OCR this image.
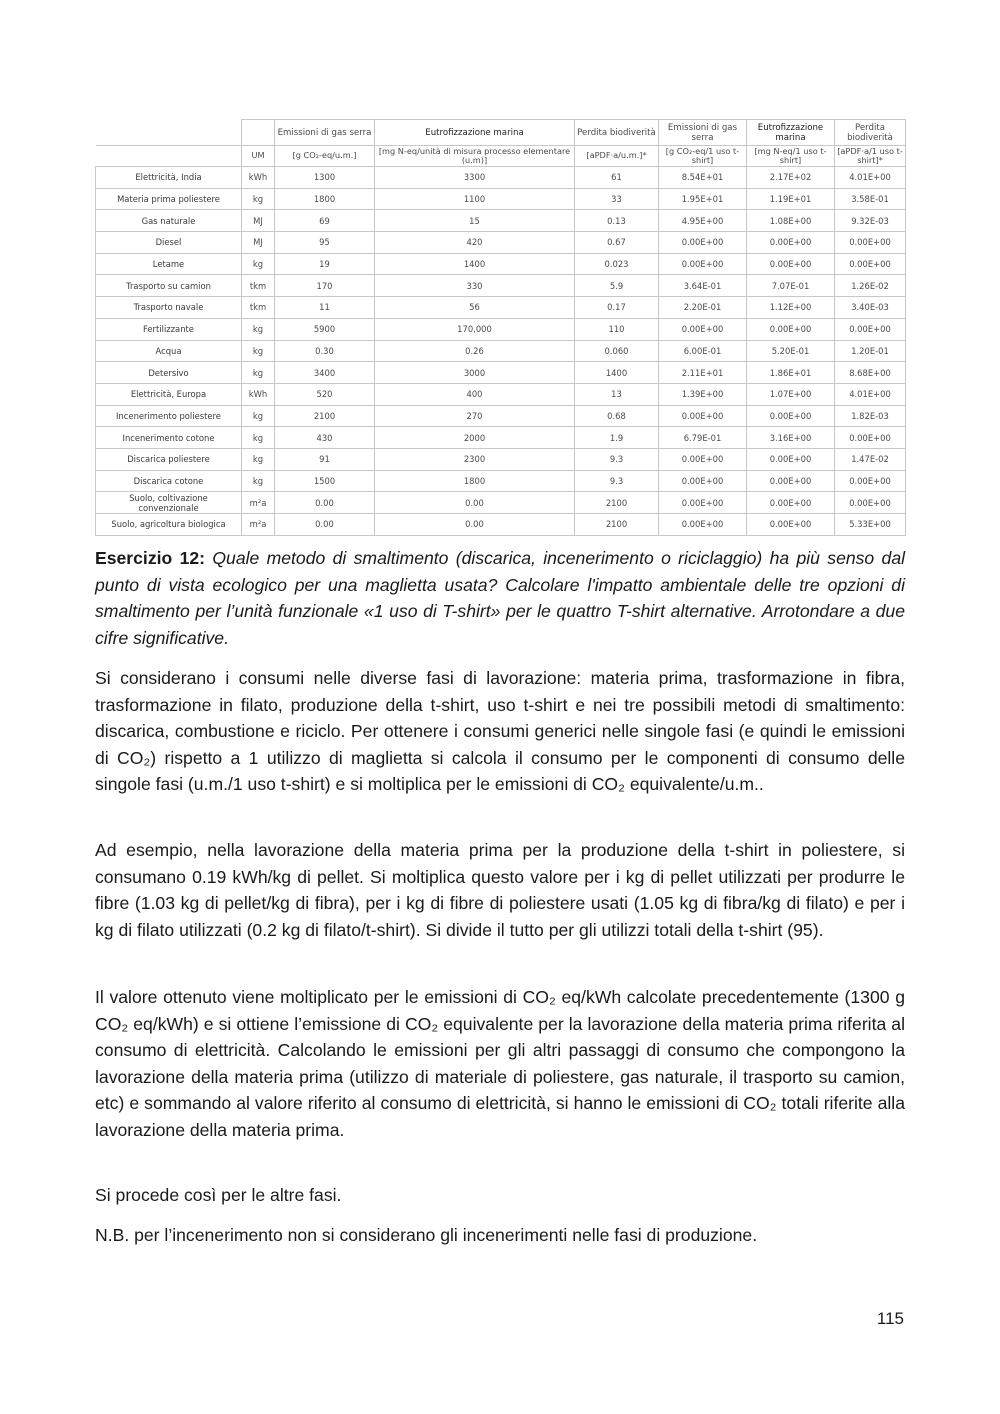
		Emissioni di gas serra	Eutrofizzazione marina	Perdita biodiverità	Emissioni di gas serra	Eutrofizzazione marina	Perdita biodiverità
	UM	[g CO₂-eq/u.m.]	[mg N-eq/unità di misura processo elementare (u.m)]	[aPDF·a/u.m.]*	[g CO₂-eq/1 uso t-shirt]	[mg N-eq/1 uso t-shirt]	[aPDF·a/1 uso t-shirt]*
Elettricità, India	kWh	1300	3300	61	8.54E+01	2.17E+02	4.01E+00
Materia prima poliestere	kg	1800	1100	33	1.95E+01	1.19E+01	3.58E-01
Gas naturale	MJ	69	15	0.13	4.95E+00	1.08E+00	9.32E-03
Diesel	MJ	95	420	0.67	0.00E+00	0.00E+00	0.00E+00
Letame	kg	19	1400	0.023	0.00E+00	0.00E+00	0.00E+00
Trasporto su camion	tkm	170	330	5.9	3.64E-01	7.07E-01	1.26E-02
Trasporto navale	tkm	11	56	0.17	2.20E-01	1.12E+00	3.40E-03
Fertilizzante	kg	5900	170,000	110	0.00E+00	0.00E+00	0.00E+00
Acqua	kg	0.30	0.26	0.060	6.00E-01	5.20E-01	1.20E-01
Detersivo	kg	3400	3000	1400	2.11E+01	1.86E+01	8.68E+00
Elettricità, Europa	kWh	520	400	13	1.39E+00	1.07E+00	4.01E+00
Incenerimento poliestere	kg	2100	270	0.68	0.00E+00	0.00E+00	1.82E-03
Incenerimento cotone	kg	430	2000	1.9	6.79E-01	3.16E+00	0.00E+00
Discarica poliestere	kg	91	2300	9.3	0.00E+00	0.00E+00	1.47E-02
Discarica cotone	kg	1500	1800	9.3	0.00E+00	0.00E+00	0.00E+00
Suolo, coltivazione convenzionale	m²a	0.00	0.00	2100	0.00E+00	0.00E+00	0.00E+00
Suolo, agricoltura biologica	m²a	0.00	0.00	2100	0.00E+00	0.00E+00	5.33E+00

Esercizio 12: Quale metodo di smaltimento (discarica, incenerimento o riciclaggio) ha più senso dal punto di vista ecologico per una maglietta usata? Calcolare l'impatto ambientale delle tre opzioni di smaltimento per l’unità funzionale «1 uso di T-shirt» per le quattro T-shirt alternative. Arrotondare a due cifre significative.

Si considerano i consumi nelle diverse fasi di lavorazione: materia prima, trasformazione in fibra, trasformazione in filato, produzione della t-shirt, uso t-shirt e nei tre possibili metodi di smaltimento: discarica, combustione e riciclo. Per ottenere i consumi generici nelle singole fasi (e quindi le emissioni di CO₂) rispetto a 1 utilizzo di maglietta si calcola il consumo per le componenti di consumo delle singole fasi (u.m./1 uso t-shirt) e si moltiplica per le emissioni di CO₂ equivalente/u.m..

Ad esempio, nella lavorazione della materia prima per la produzione della t-shirt in poliestere, si consumano 0.19 kWh/kg di pellet. Si moltiplica questo valore per i kg di pellet utilizzati per produrre le fibre (1.03 kg di pellet/kg di fibra), per i kg di fibre di poliestere usati (1.05 kg di fibra/kg di filato) e per i kg di filato utilizzati (0.2 kg di filato/t-shirt). Si divide il tutto per gli utilizzi totali della t-shirt (95).

Il valore ottenuto viene moltiplicato per le emissioni di CO₂ eq/kWh calcolate precedentemente (1300 g CO₂ eq/kWh) e si ottiene l’emissione di CO₂ equivalente per la lavorazione della materia prima riferita al consumo di elettricità. Calcolando le emissioni per gli altri passaggi di consumo che compongono la lavorazione della materia prima (utilizzo di materiale di poliestere, gas naturale, il trasporto su camion, etc) e sommando al valore riferito al consumo di elettricità, si hanno le emissioni di CO₂ totali riferite alla lavorazione della materia prima.

Si procede così per le altre fasi.

N.B. per l’incenerimento non si considerano gli incenerimenti nelle fasi di produzione.

115
